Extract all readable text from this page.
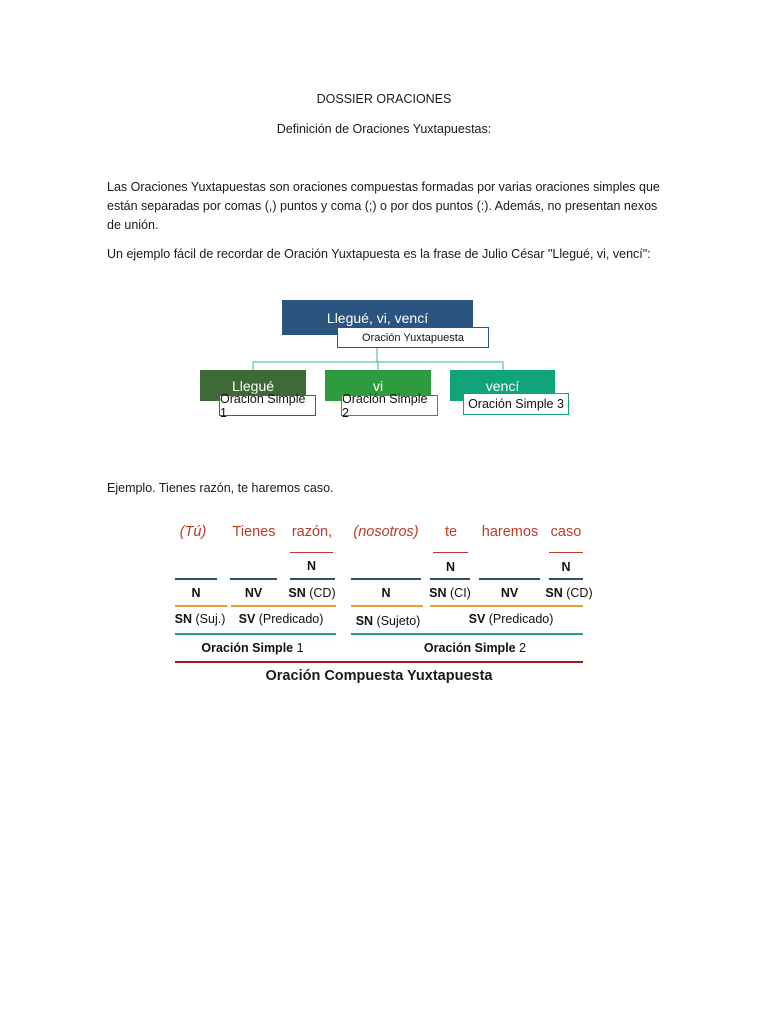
DOSSIER ORACIONES
Definición de Oraciones Yuxtapuestas:
Las Oraciones Yuxtapuestas son oraciones compuestas formadas por varias oraciones simples que están separadas por comas (,) puntos y coma (;) o por dos puntos (:). Además, no presentan nexos de unión.
Un ejemplo fácil de recordar de Oración Yuxtapuesta es la frase de Julio César "Llegué, vi, vencí":
Llegué, vi, vencí
Oración Yuxtapuesta
Llegué	vi	vencí
Oración Simple 1
Oración Simple 2
Oración Simple 3
Ejemplo. Tienes razón, te haremos caso.
(Tú)	Tienes razón, (nosotros)	te	haremos caso
N	N	N
N	NV	SN (CD)	N	SN (CI)	NV	SN (CD)
SN (Suj.)	SV (Predicado)	SN (Sujeto)	SV (Predicado)
Oración Simple 1	Oración Simple 2
Oración Compuesta Yuxtapuesta
